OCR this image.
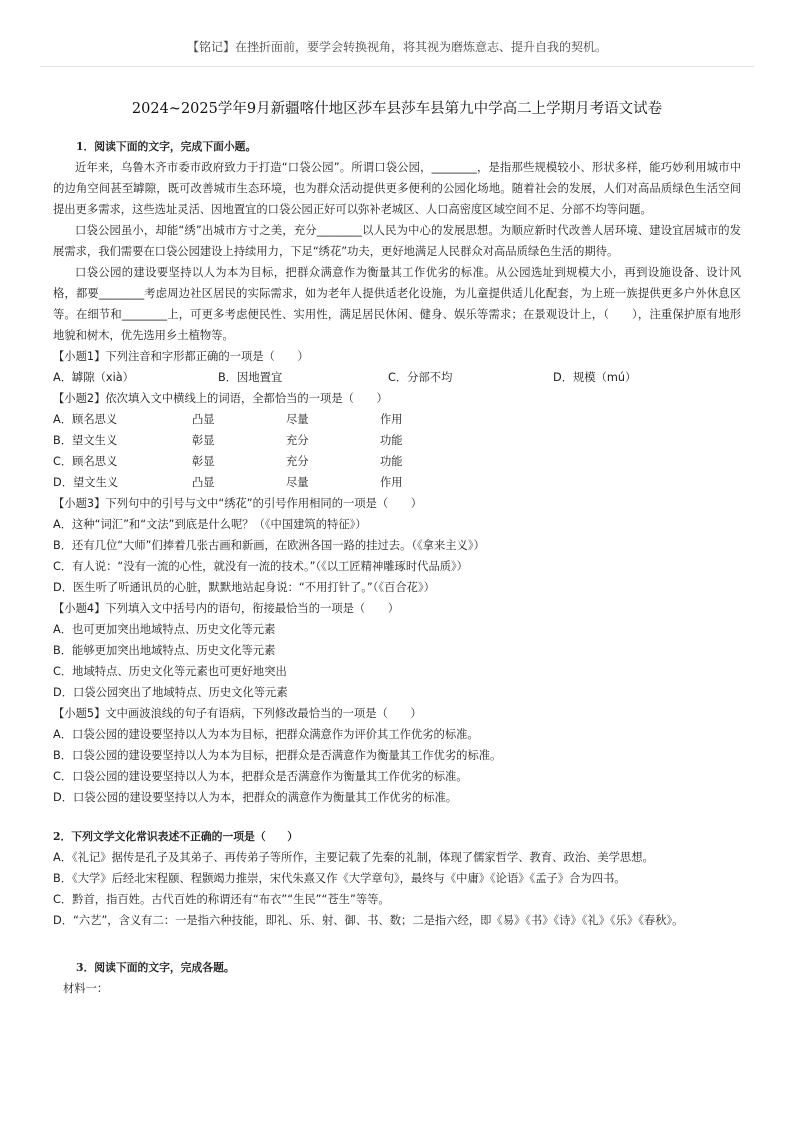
【铭记】在挫折面前，要学会转换视角，将其视为磨炼意志、提升自我的契机。
2024~2025学年9月新疆喀什地区莎车县莎车县第九中学高二上学期月考语文试卷
1．阅读下面的文字，完成下面小题。

近年来，乌鲁木齐市委市政府致力于打造“口袋公园”。所谓口袋公园，________，是指那些规模较小、形状多样，能巧妙利用城市中的边角空间甚至罅隙，既可改善城市生态环境，也为群众活动提供更多便利的公园化场地。随着社会的发展，人们对高品质绿色生活空间提出更多需求，这些选址灵活、因地置宜的口袋公园正好可以弥补老城区、人口高密度区域空间不足、分部不均等问题。

口袋公园虽小，却能“绣”出城市方寸之美，充分________以人民为中心的发展思想。为顺应新时代改善人居环境、建设宜居城市的发展需求，我们需要在口袋公园建设上持续用力，下足“绣花”功夫，更好地满足人民群众对高品质绿色生活的期待。

口袋公园的建设要坚持以人为本为目标，把群众满意作为衡量其工作优劣的标准。从公园选址到规模大小，再到设施设备、设计风格，都要________考虑周边社区居民的实际需求，如为老年人提供适老化设施，为儿童提供适儿化配套，为上班一族提供更多户外休息区等。在细节和________上，可更多考虑便民性、实用性，满足居民休闲、健身、娱乐等需求；在景观设计上，（　　），注重保护原有地形地貌和树木，优先选用乡土植物等。

【小题1】下列注音和字形都正确的一项是（　　）
A．罅隙（xià）	B．因地置宜	C．分部不均	D．规模（mú）
【小题2】依次填入文中横线上的词语，全都恰当的一项是（　　）
A．顾名思义	凸显	尽量	作用
B．望文生义	彰显	充分	功能
C．顾名思义	彰显	充分	功能
D．望文生义	凸显	尽量	作用
【小题3】下列句中的引号与文中“绣花”的引号作用相同的一项是（　　）
A．这种“词汇”和“文法”到底是什么呢？（《中国建筑的特征》）
B．还有几位“大师”们捧着几张古画和新画，在欧洲各国一路的挂过去。（《拿来主义》）
C．有人说：“没有一流的心性，就没有一流的技术。”（《以工匠精神雕琢时代品质》）
D．医生听了听通讯员的心脏，默默地站起身说：“不用打针了。”（《百合花》）
【小题4】下列填入文中括号内的语句，衔接最恰当的一项是（　　）
A．也可更加突出地域特点、历史文化等元素
B．能够更加突出地域特点、历史文化等元素
C．地域特点、历史文化等元素也可更好地突出
D．口袋公园突出了地域特点、历史文化等元素
【小题5】文中画波浪线的句子有语病，下列修改最恰当的一项是（　　）
A．口袋公园的建设要坚持以人为本为目标，把群众满意作为评价其工作优劣的标准。
B．口袋公园的建设要坚持以人为本为目标，把群众是否满意作为衡量其工作优劣的标准。
C．口袋公园的建设要坚持以人为本，把群众是否满意作为衡量其工作优劣的标准。
D．口袋公园的建设要坚持以人为本，把群众的满意作为衡量其工作优劣的标准。
2．下列文学文化常识表述不正确的一项是（　　）
A．《礼记》据传是孔子及其弟子、再传弟子等所作，主要记载了先秦的礼制，体现了儒家哲学、教育、政治、美学思想。
B．《大学》后经北宋程颐、程颢竭力推崇，宋代朱熹又作《大学章句》，最终与《中庸》《论语》《孟子》合为四书。
C．黔首，指百姓。古代百姓的称谓还有“布衣”“生民”“苍生”等等。
D．“六艺”，含义有二：一是指六种技能，即礼、乐、射、御、书、数；二是指六经，即《易》《书》《诗》《礼》《乐》《春秋》。
3．阅读下面的文字，完成各题。
材料一：
